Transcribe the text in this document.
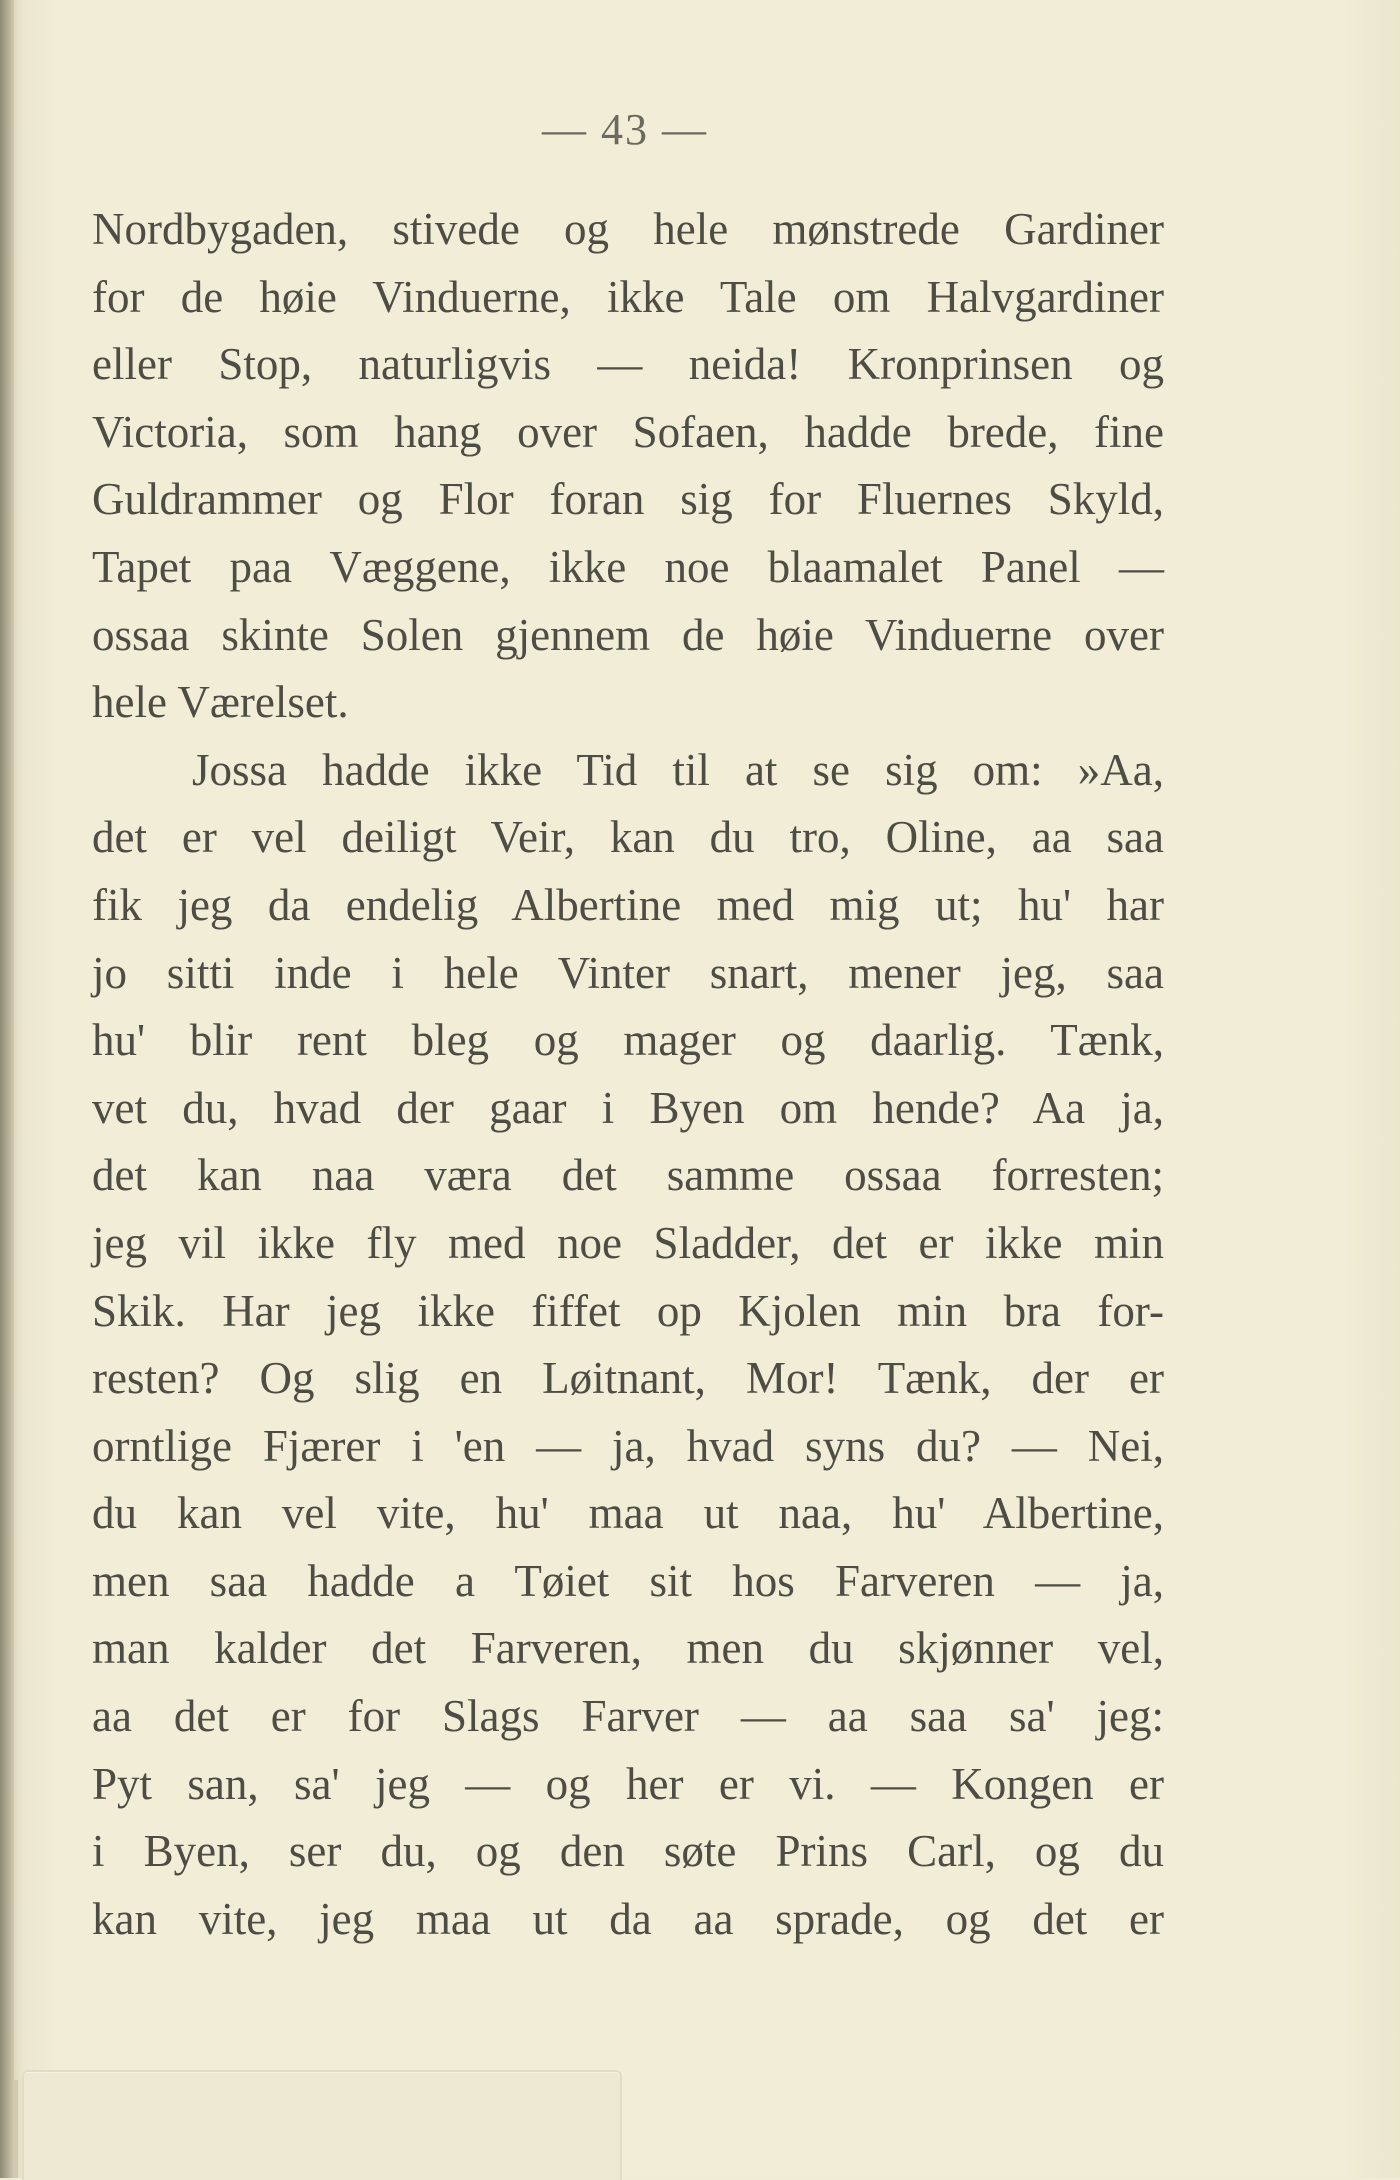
— 43 —
Nordbygaden, stivede og hele mønstrede Gardiner
for de høie Vinduerne, ikke Tale om Halvgardiner
eller Stop, naturligvis — neida! Kronprinsen og
Victoria, som hang over Sofaen, hadde brede, fine
Guldrammer og Flor foran sig for Fluernes Skyld,
Tapet paa Væggene, ikke noe blaamalet Panel —
ossaa skinte Solen gjennem de høie Vinduerne over
hele Værelset.
Jossa hadde ikke Tid til at se sig om: »Aa,
det er vel deiligt Veir, kan du tro, Oline, aa saa
fik jeg da endelig Albertine med mig ut; hu' har
jo sitti inde i hele Vinter snart, mener jeg, saa
hu' blir rent bleg og mager og daarlig. Tænk,
vet du, hvad der gaar i Byen om hende? Aa ja,
det kan naa væra det samme ossaa forresten;
jeg vil ikke fly med noe Sladder, det er ikke min
Skik. Har jeg ikke fiffet op Kjolen min bra for-
resten? Og slig en Løitnant, Mor! Tænk, der er
orntlige Fjærer i 'en — ja, hvad syns du? — Nei,
du kan vel vite, hu' maa ut naa, hu' Albertine,
men saa hadde a Tøiet sit hos Farveren — ja,
man kalder det Farveren, men du skjønner vel,
aa det er for Slags Farver — aa saa sa' jeg:
Pyt san, sa' jeg — og her er vi. — Kongen er
i Byen, ser du, og den søte Prins Carl, og du
kan vite, jeg maa ut da aa sprade, og det er
